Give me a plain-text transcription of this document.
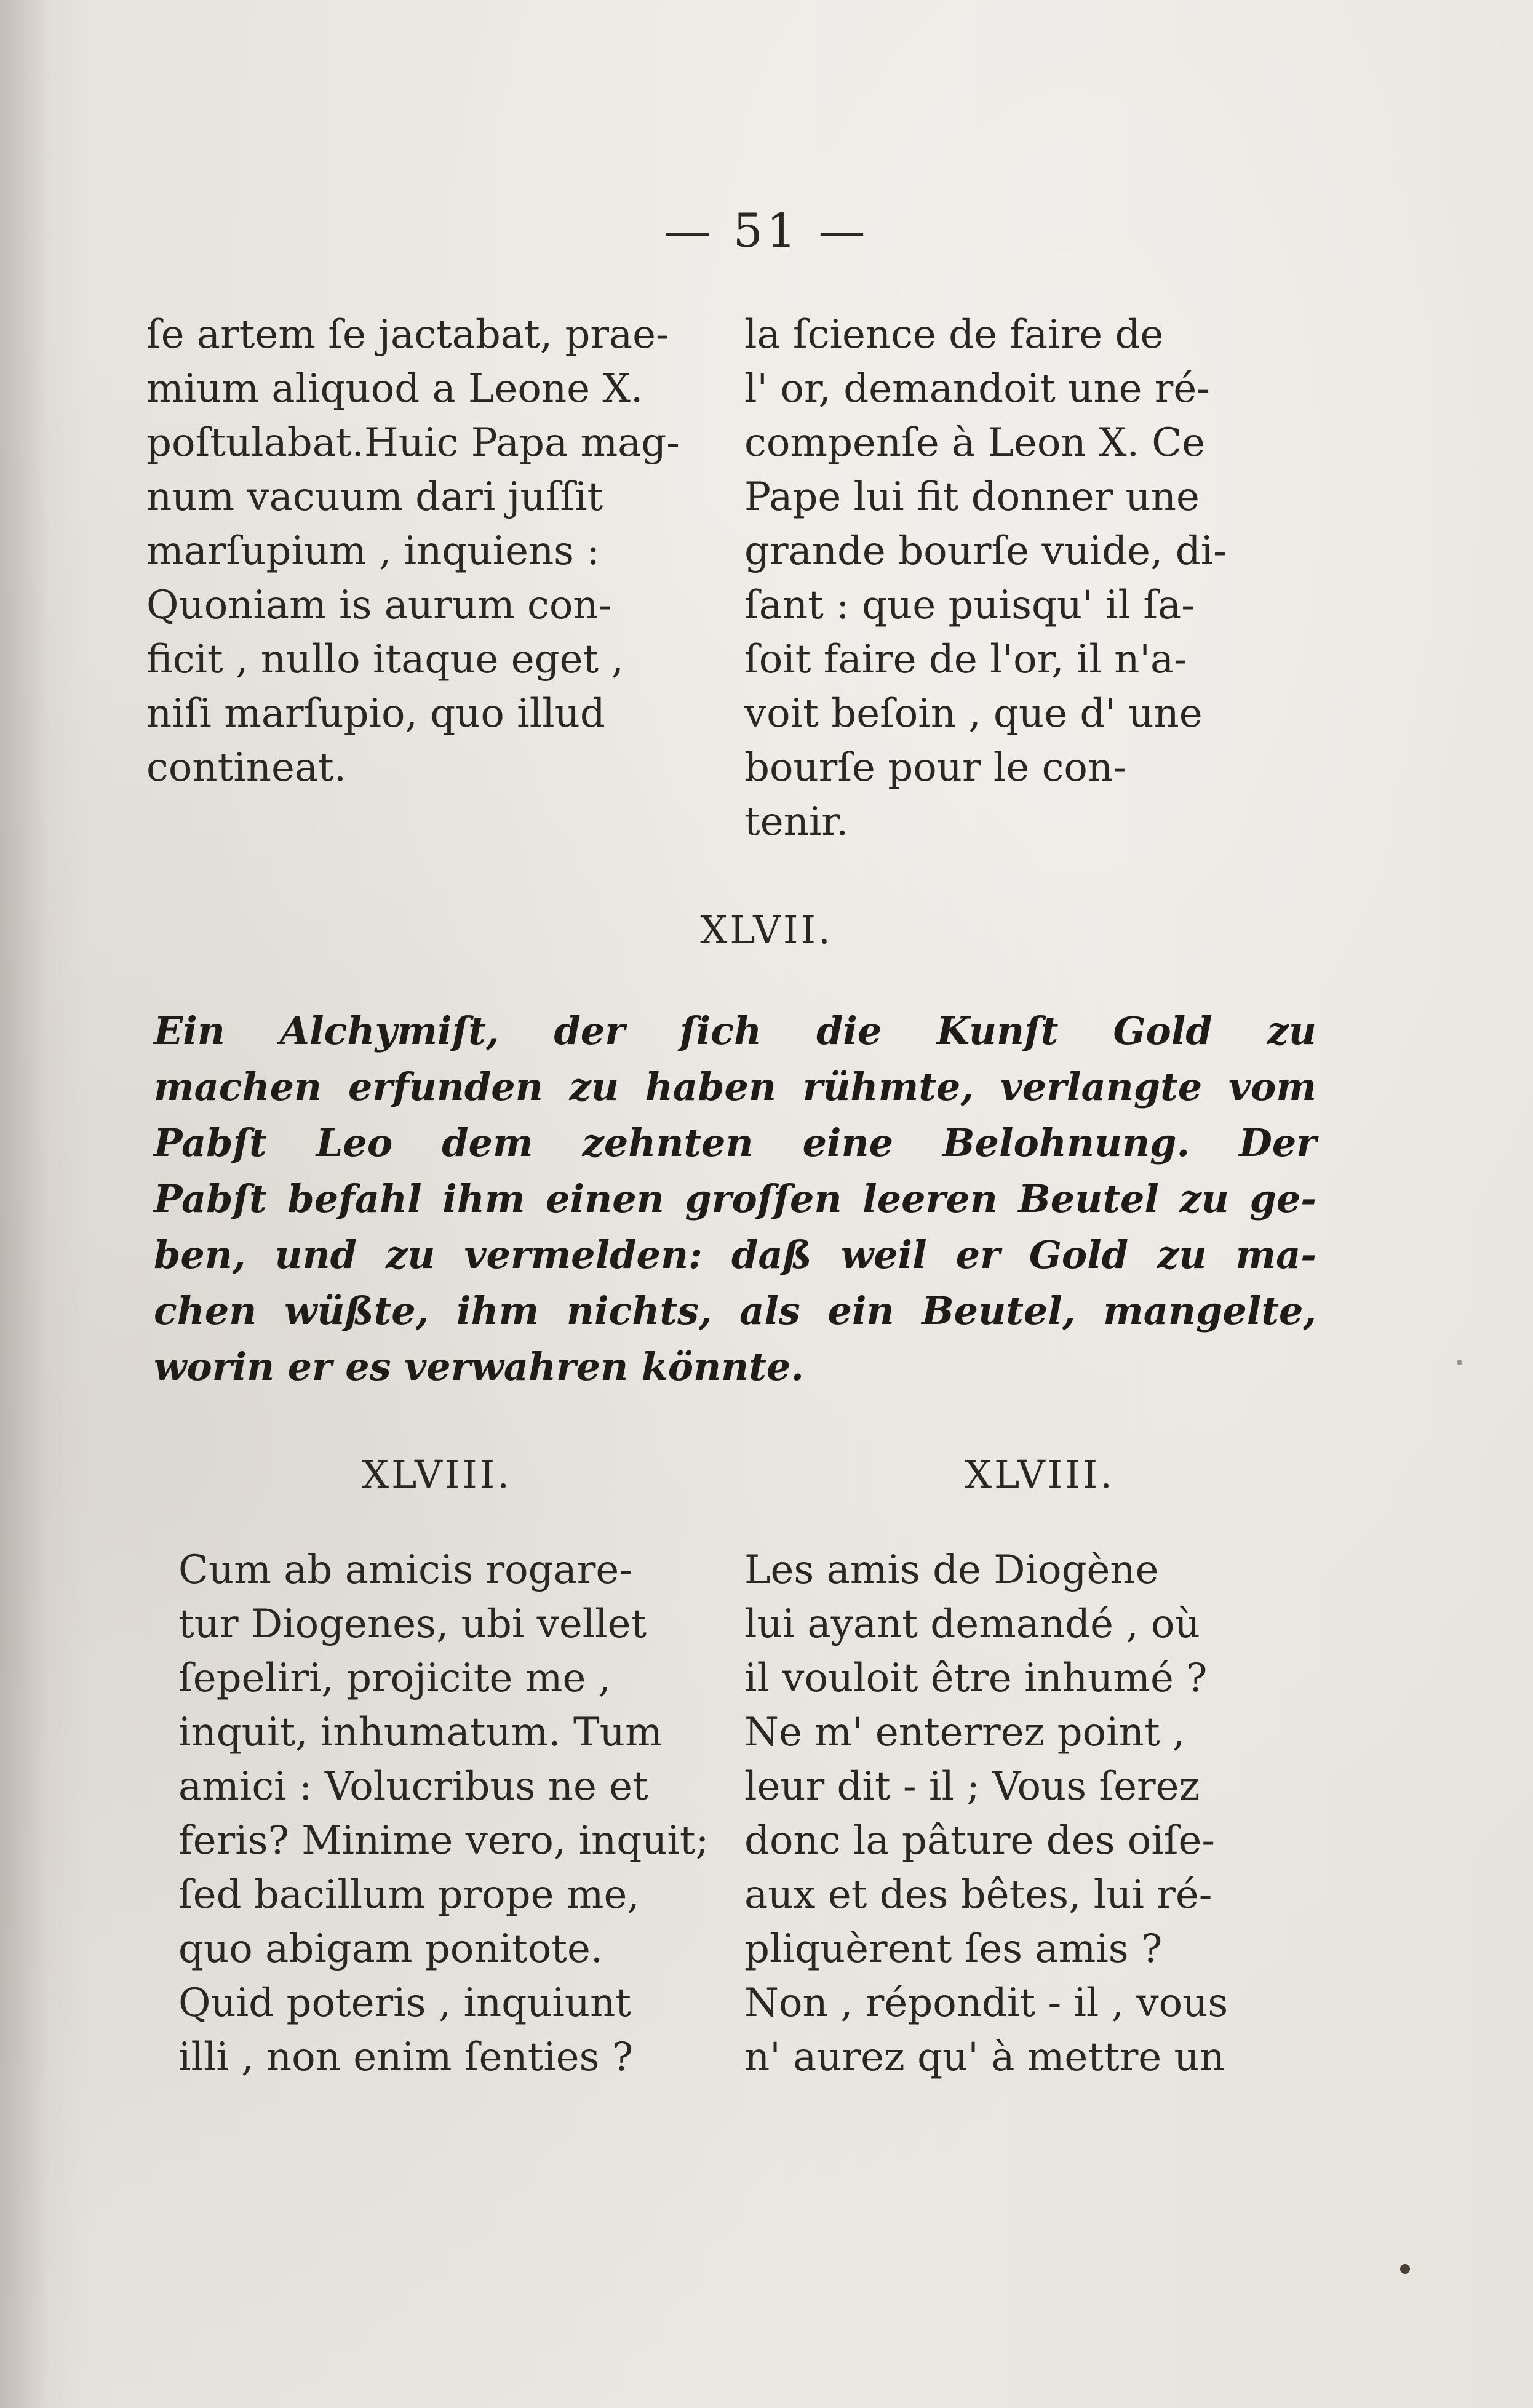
— 51 —
ſe artem ſe jactabat, prae-
mium aliquod a Leone X.
poſtulabat.Huic Papa mag-
num vacuum dari juſſit
marſupium , inquiens :
Quoniam is aurum con-
ficit , nullo itaque eget ,
niſi marſupio, quo illud
contineat.
la ſcience de faire de
l' or, demandoit une ré-
compenſe à Leon X. Ce
Pape lui fit donner une
grande bourſe vuide, di-
ſant : que puisqu' il ſa-
ſoit faire de l'or, il n'a-
voit beſoin , que d' une
bourſe pour le con-
tenir.
XLVII.
Ein Alchymiſt, der ſich die Kunſt Gold zu
machen erfunden zu haben rühmte, verlangte vom
Pabſt Leo dem zehnten eine Belohnung. Der
Pabſt befahl ihm einen groſſen leeren Beutel zu ge-
ben, und zu vermelden: daß weil er Gold zu ma-
chen wüßte, ihm nichts, als ein Beutel, mangelte,
worin er es verwahren könnte.
XLVIII.	XLVIII.
Cum ab amicis rogare-
tur Diogenes, ubi vellet
ſepeliri, projicite me ,
inquit, inhumatum. Tum
amici : Volucribus ne et
feris? Minime vero, inquit;
ſed bacillum prope me,
quo abigam ponitote.
Quid poteris , inquiunt
illi , non enim ſenties ?
Les amis de Diogène
lui ayant demandé , où
il vouloit être inhumé ?
Ne m' enterrez point ,
leur dit - il ; Vous ſerez
donc la pâture des oiſe-
aux et des bêtes, lui ré-
pliquèrent ſes amis ?
Non , répondit - il , vous
n' aurez qu' à mettre un
